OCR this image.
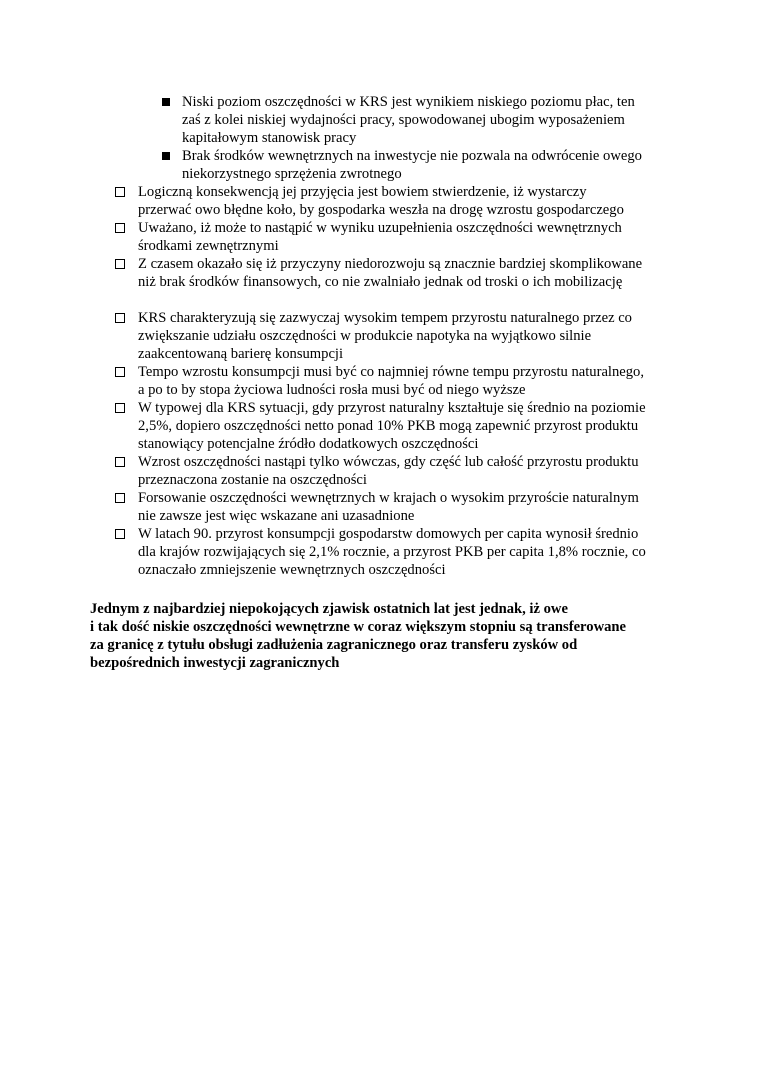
Niski poziom oszczędności w KRS jest wynikiem niskiego poziomu płac, ten
zaś z kolei niskiej wydajności pracy, spowodowanej ubogim wyposażeniem
kapitałowym stanowisk pracy
Brak środków wewnętrznych na inwestycje nie pozwala na odwrócenie owego
niekorzystnego sprzężenia zwrotnego
Logiczną konsekwencją jej przyjęcia jest bowiem stwierdzenie, iż wystarczy
przerwać owo błędne koło, by gospodarka weszła na drogę wzrostu gospodarczego
Uważano, iż może to nastąpić w wyniku uzupełnienia oszczędności wewnętrznych
środkami zewnętrznymi
Z czasem okazało się iż przyczyny niedorozwoju są znacznie bardziej skomplikowane
niż brak środków finansowych, co nie zwalniało jednak od troski o ich mobilizację
KRS charakteryzują się zazwyczaj wysokim tempem przyrostu naturalnego przez co
zwiększanie udziału oszczędności w produkcie napotyka na wyjątkowo silnie
zaakcentowaną barierę konsumpcji
Tempo wzrostu konsumpcji musi być co najmniej równe tempu przyrostu naturalnego,
a po to by stopa życiowa ludności rosła musi być od niego wyższe
W typowej dla KRS sytuacji, gdy przyrost naturalny kształtuje się średnio na poziomie
2,5%, dopiero oszczędności netto ponad 10% PKB mogą zapewnić przyrost produktu
stanowiący potencjalne źródło dodatkowych oszczędności
Wzrost oszczędności nastąpi tylko wówczas, gdy część lub całość przyrostu produktu
przeznaczona zostanie na oszczędności
Forsowanie oszczędności wewnętrznych w krajach o wysokim przyroście naturalnym
nie zawsze jest więc wskazane ani uzasadnione
W latach 90. przyrost konsumpcji gospodarstw domowych per capita wynosił średnio
dla krajów rozwijających się 2,1% rocznie, a przyrost PKB per capita 1,8% rocznie, co
oznaczało zmniejszenie wewnętrznych oszczędności
Jednym z najbardziej niepokojących zjawisk ostatnich lat jest jednak, iż owe
i tak dość niskie oszczędności wewnętrzne w coraz większym stopniu są transferowane
za granicę z tytułu obsługi zadłużenia zagranicznego oraz transferu zysków od
bezpośrednich inwestycji zagranicznych
